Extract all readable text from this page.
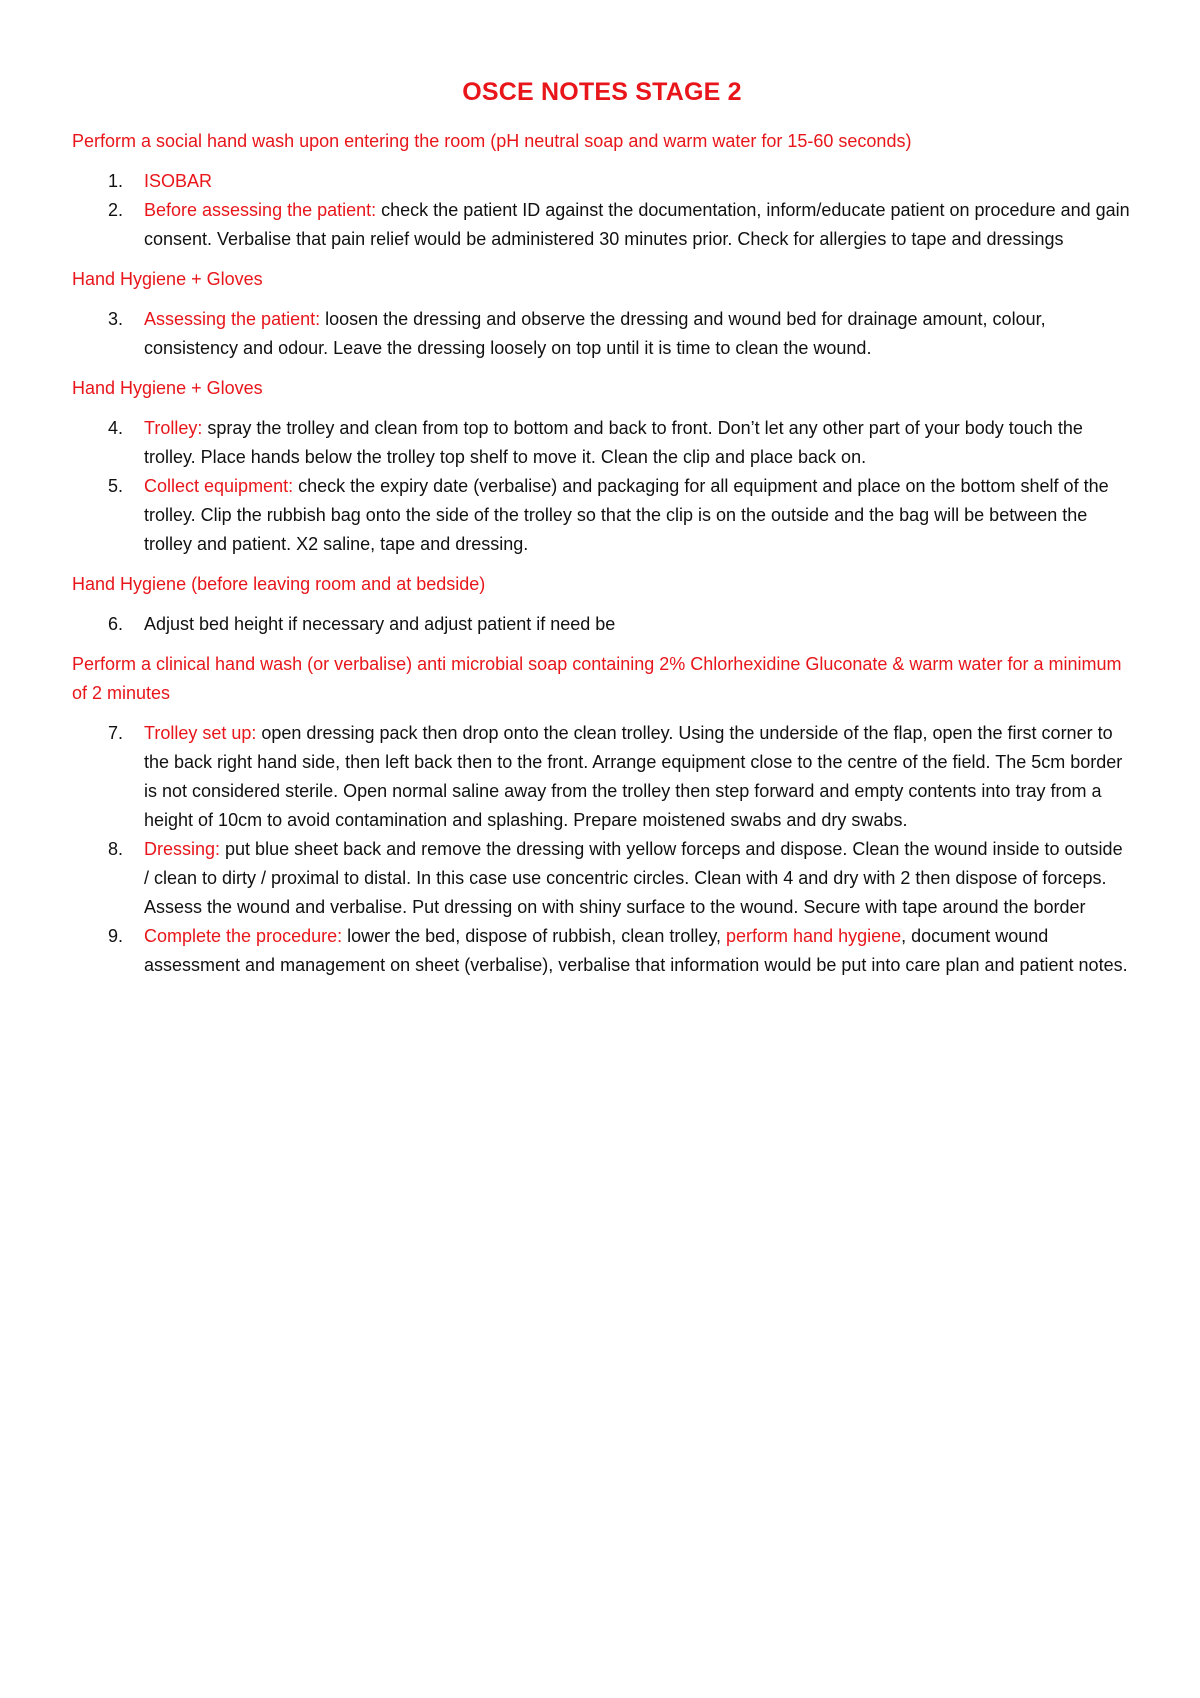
OSCE NOTES STAGE 2

Perform a social hand wash upon entering the room (pH neutral soap and warm water for 15-60 seconds)

1. ISOBAR
2. Before assessing the patient: check the patient ID against the documentation, inform/educate patient on procedure and gain consent. Verbalise that pain relief would be administered 30 minutes prior. Check for allergies to tape and dressings

Hand Hygiene + Gloves

3. Assessing the patient: loosen the dressing and observe the dressing and wound bed for drainage amount, colour, consistency and odour. Leave the dressing loosely on top until it is time to clean the wound.

Hand Hygiene + Gloves

4. Trolley: spray the trolley and clean from top to bottom and back to front. Don’t let any other part of your body touch the trolley. Place hands below the trolley top shelf to move it. Clean the clip and place back on.
5. Collect equipment: check the expiry date (verbalise) and packaging for all equipment and place on the bottom shelf of the trolley. Clip the rubbish bag onto the side of the trolley so that the clip is on the outside and the bag will be between the trolley and patient. X2 saline, tape and dressing.

Hand Hygiene (before leaving room and at bedside)

6. Adjust bed height if necessary and adjust patient if need be

Perform a clinical hand wash (or verbalise) anti microbial soap containing 2% Chlorhexidine Gluconate & warm water for a minimum of 2 minutes

7. Trolley set up: open dressing pack then drop onto the clean trolley. Using the underside of the flap, open the first corner to the back right hand side, then left back then to the front. Arrange equipment close to the centre of the field. The 5cm border is not considered sterile. Open normal saline away from the trolley then step forward and empty contents into tray from a height of 10cm to avoid contamination and splashing. Prepare moistened swabs and dry swabs.
8. Dressing: put blue sheet back and remove the dressing with yellow forceps and dispose. Clean the wound inside to outside / clean to dirty / proximal to distal. In this case use concentric circles. Clean with 4 and dry with 2 then dispose of forceps. Assess the wound and verbalise. Put dressing on with shiny surface to the wound. Secure with tape around the border
9. Complete the procedure: lower the bed, dispose of rubbish, clean trolley, perform hand hygiene, document wound assessment and management on sheet (verbalise), verbalise that information would be put into care plan and patient notes.
